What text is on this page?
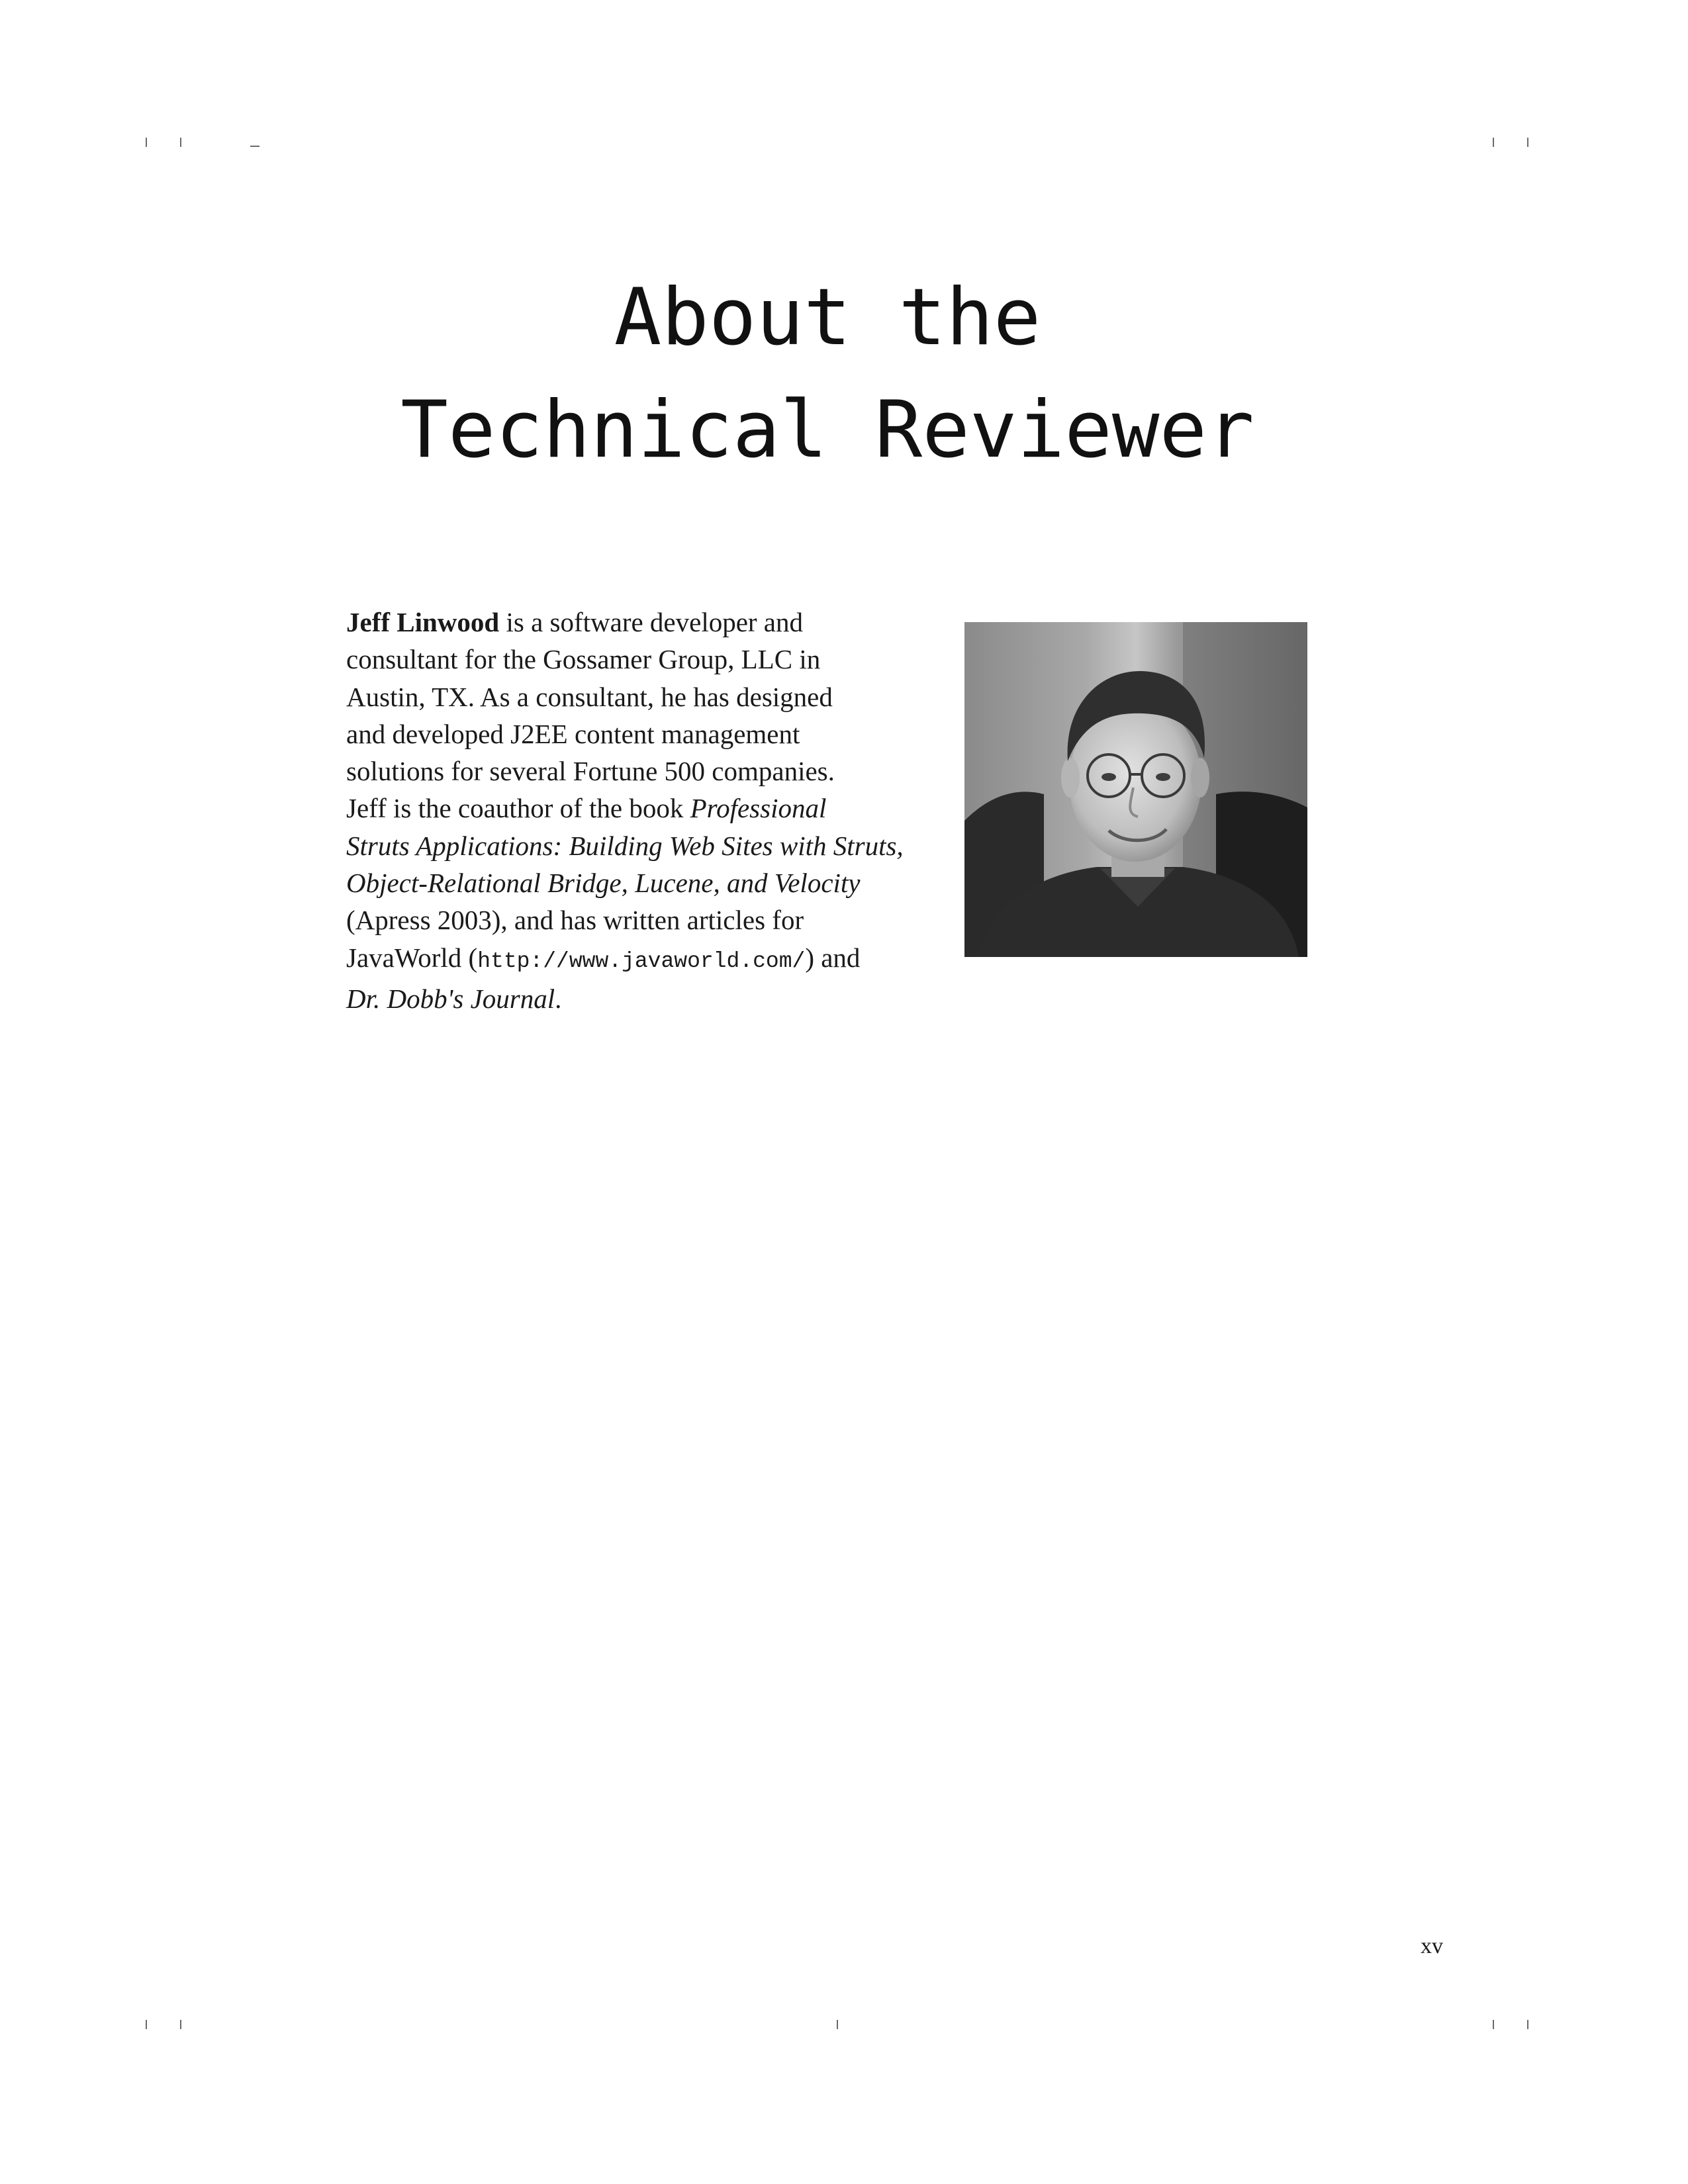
About the
Technical Reviewer
Jeff Linwood is a software developer and
consultant for the Gossamer Group, LLC in
Austin, TX. As a consultant, he has designed
and developed J2EE content management
solutions for several Fortune 500 companies.
Jeff is the coauthor of the book Professional
Struts Applications: Building Web Sites with Struts,
Object-Relational Bridge, Lucene, and Velocity
(Apress 2003), and has written articles for
JavaWorld (http://www.javaworld.com/) and
Dr. Dobb's Journal.
xv
